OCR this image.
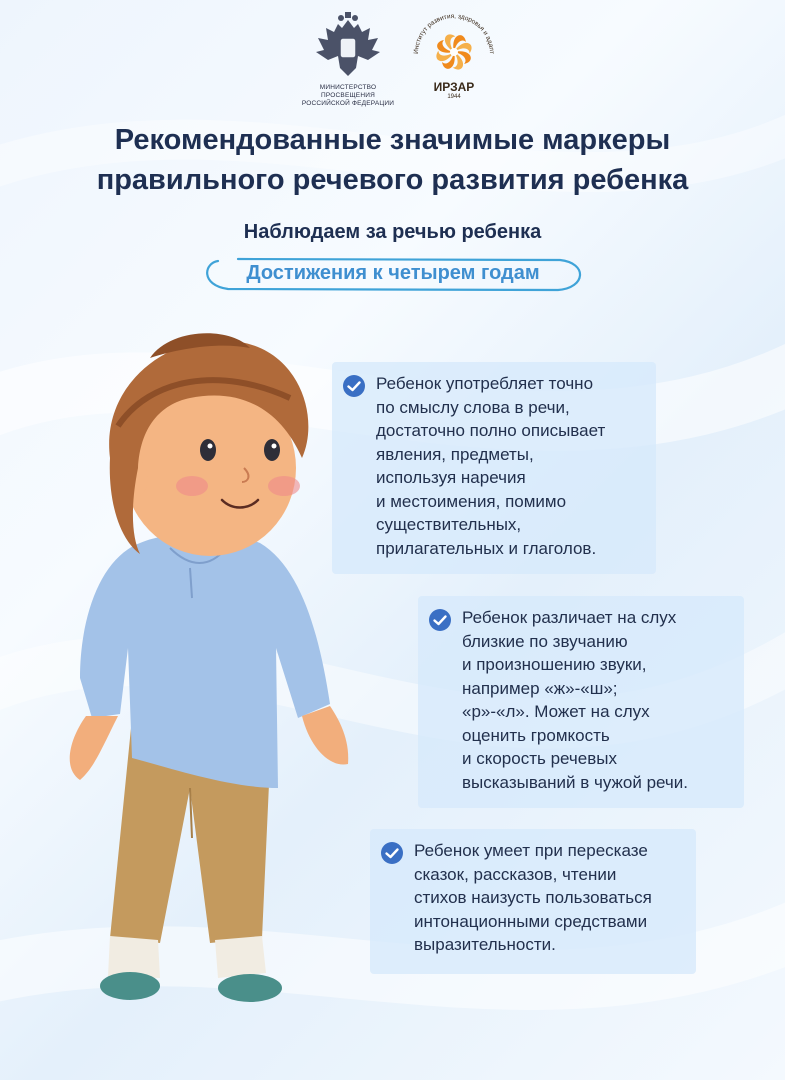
МИНИСТЕРСТВО ПРОСВЕЩЕНИЯ
РОССИЙСКОЙ ФЕДЕРАЦИИ
Институт развития, здоровья и адапт
ИРЗАР
1944
Рекомендованные значимые маркеры
правильного речевого развития ребенка
Наблюдаем за речью ребенка
Достижения к четырем годам
Ребенок употребляет точно
по смыслу слова в речи,
достаточно полно описывает
явления, предметы,
используя наречия
и местоимения, помимо
существительных,
прилагательных и глаголов.
Ребенок различает на слух
близкие по звучанию
и произношению звуки,
например «ж»-«ш»;
«р»-«л». Может на слух
оценить громкость
и скорость речевых
высказываний в чужой речи.
Ребенок умеет при пересказе
сказок, рассказов, чтении
стихов наизусть пользоваться
интонационными средствами
выразительности.
